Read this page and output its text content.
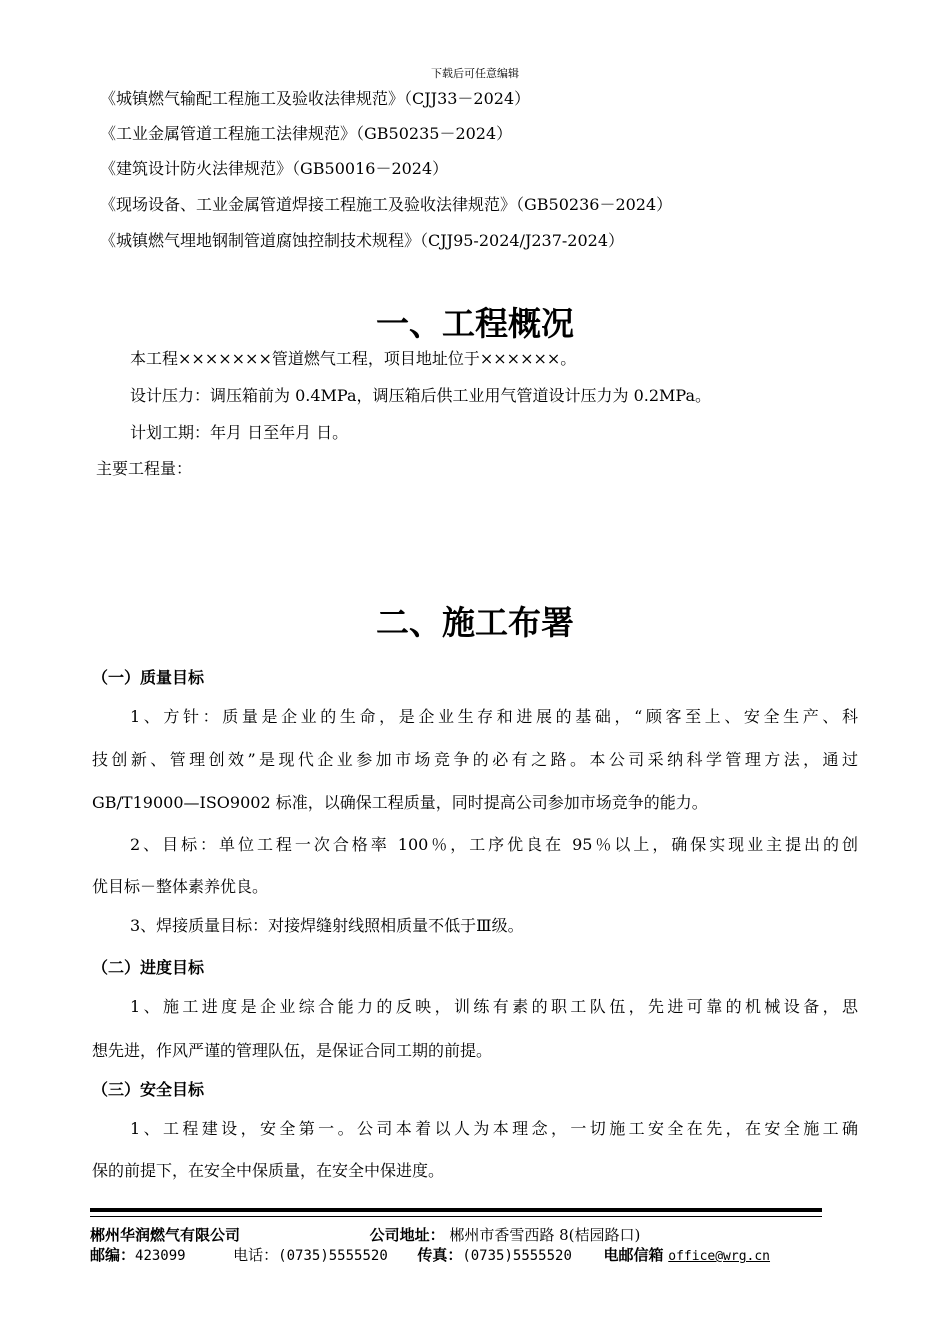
下载后可任意编辑
《城镇燃气输配工程施工及验收法律规范》（CJJ33－2024）
《工业金属管道工程施工法律规范》（GB50235－2024）
《建筑设计防火法律规范》（GB50016－2024）
《现场设备、工业金属管道焊接工程施工及验收法律规范》（GB50236－2024）
《城镇燃气埋地钢制管道腐蚀控制技术规程》（CJJ95-2024/J237-2024）
一、工程概况
本工程×××××××管道燃气工程，项目地址位于××××××。
设计压力：调压箱前为 0.4MPa，调压箱后供工业用气管道设计压力为 0.2MPa。
计划工期：年月 日至年月 日。
主要工程量：
二、施工布署
（一）质量目标
1、方针：质量是企业的生命，是企业生存和进展的基础，“顾客至上、安全生产、科
技创新、管理创效”是现代企业参加市场竞争的必有之路。本公司采纳科学管理方法，通过
GB/T19000—ISO9002 标准，以确保工程质量，同时提高公司参加市场竞争的能力。
2、目标：单位工程一次合格率 100％，工序优良在 95％以上，确保实现业主提出的创
优目标－整体素养优良。
3、焊接质量目标：对接焊缝射线照相质量不低于Ⅲ级。
（二）进度目标
1、施工进度是企业综合能力的反映，训练有素的职工队伍，先进可靠的机械设备，思
想先进，作风严谨的管理队伍，是保证合同工期的前提。
（三）安全目标
1、工程建设，安全第一。公司本着以人为本理念，一切施工安全在先，在安全施工确
保的前提下，在安全中保质量，在安全中保进度。
郴州华润燃气有限公司	公司地址： 郴州市香雪西路 8(桔园路口)
邮编：423099	电话：(0735)5555520 传真：(0735)5555520 电邮信箱 office@wrg.cn
